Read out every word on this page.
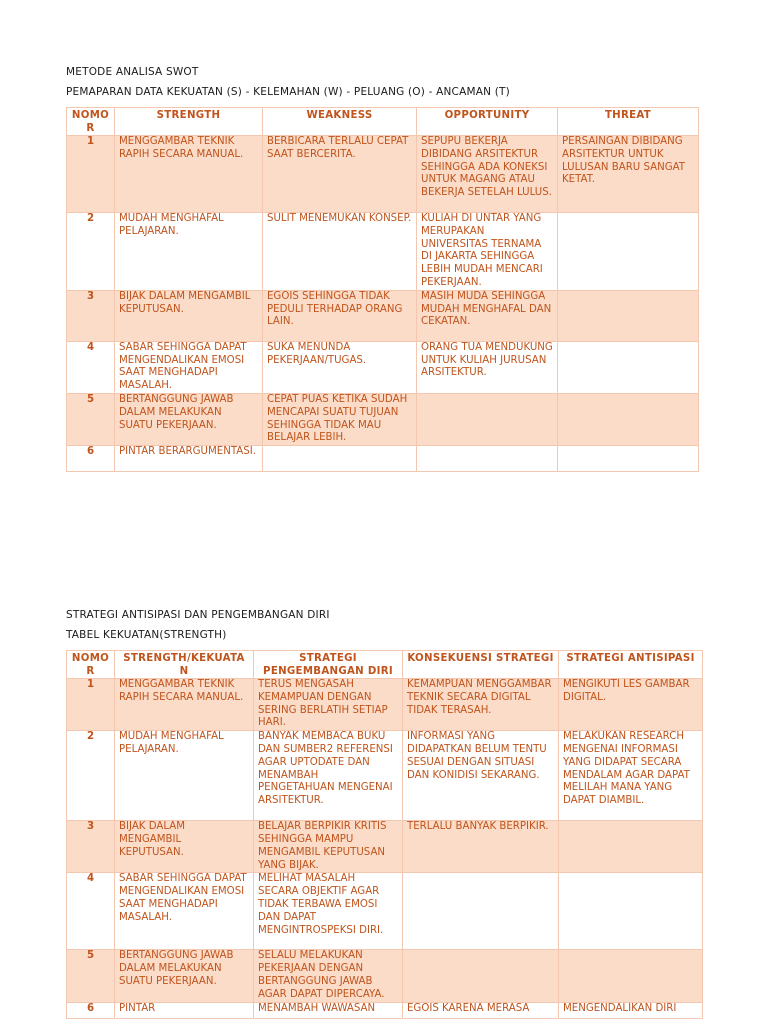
METODE ANALISA SWOT

PEMAPARAN DATA KEKUATAN (S) - KELEMAHAN (W) - PELUANG (O) - ANCAMAN (T)

NOMO R	STRENGTH	WEAKNESS	OPPORTUNITY	THREAT
1	MENGGAMBAR TEKNIK RAPIH SECARA MANUAL.	BERBICARA TERLALU CEPAT SAAT BERCERITA.	SEPUPU BEKERJA DIBIDANG ARSITEKTUR SEHINGGA ADA KONEKSI UNTUK MAGANG ATAU BEKERJA SETELAH LULUS.	PERSAINGAN DIBIDANG ARSITEKTUR UNTUK LULUSAN BARU SANGAT KETAT.
2	MUDAH MENGHAFAL PELAJARAN.	SULIT MENEMUKAN KONSEP.	KULIAH DI UNTAR YANG MERUPAKAN UNIVERSITAS TERNAMA DI JAKARTA SEHINGGA LEBIH MUDAH MENCARI PEKERJAAN.	
3	BIJAK DALAM MENGAMBIL KEPUTUSAN.	EGOIS SEHINGGA TIDAK PEDULI TERHADAP ORANG LAIN.	MASIH MUDA SEHINGGA MUDAH MENGHAFAL DAN CEKATAN.	
4	SABAR SEHINGGA DAPAT MENGENDALIKAN EMOSI SAAT MENGHADAPI MASALAH.	SUKA MENUNDA PEKERJAAN/TUGAS.	ORANG TUA MENDUKUNG UNTUK KULIAH JURUSAN ARSITEKTUR.	
5	BERTANGGUNG JAWAB DALAM MELAKUKAN SUATU PEKERJAAN.	CEPAT PUAS KETIKA SUDAH MENCAPAI SUATU TUJUAN SEHINGGA TIDAK MAU BELAJAR LEBIH.		
6	PINTAR BERARGUMENTASI.			

STRATEGI ANTISIPASI DAN PENGEMBANGAN DIRI

TABEL KEKUATAN(STRENGTH)

NOMO R	STRENGTH/KEKUATA N	STRATEGI PENGEMBANGAN DIRI	KONSEKUENSI STRATEGI	STRATEGI ANTISIPASI
1	MENGGAMBAR TEKNIK RAPIH SECARA MANUAL.	TERUS MENGASAH KEMAMPUAN DENGAN SERING BERLATIH SETIAP HARI.	KEMAMPUAN MENGGAMBAR TEKNIK SECARA DIGITAL TIDAK TERASAH.	MENGIKUTI LES GAMBAR DIGITAL.
2	MUDAH MENGHAFAL PELAJARAN.	BANYAK MEMBACA BUKU DAN SUMBER2 REFERENSI AGAR UPTODATE DAN MENAMBAH PENGETAHUAN MENGENAI ARSITEKTUR.	INFORMASI YANG DIDAPATKAN BELUM TENTU SESUAI DENGAN SITUASI DAN KONIDISI SEKARANG.	MELAKUKAN RESEARCH MENGENAI INFORMASI YANG DIDAPAT SECARA MENDALAM AGAR DAPAT MELILAH MANA YANG DAPAT DIAMBIL.
3	BIJAK DALAM MENGAMBIL KEPUTUSAN.	BELAJAR BERPIKIR KRITIS SEHINGGA MAMPU MENGAMBIL KEPUTUSAN YANG BIJAK.	TERLALU BANYAK BERPIKIR.	
4	SABAR SEHINGGA DAPAT MENGENDALIKAN EMOSI SAAT MENGHADAPI MASALAH.	MELIHAT MASALAH SECARA OBJEKTIF AGAR TIDAK TERBAWA EMOSI DAN DAPAT MENGINTROSPEKSI DIRI.		
5	BERTANGGUNG JAWAB DALAM MELAKUKAN SUATU PEKERJAAN.	SELALU MELAKUKAN PEKERJAAN DENGAN BERTANGGUNG JAWAB AGAR DAPAT DIPERCAYA.		
6	PINTAR	MENAMBAH WAWASAN	EGOIS KARENA MERASA	MENGENDALIKAN DIRI
